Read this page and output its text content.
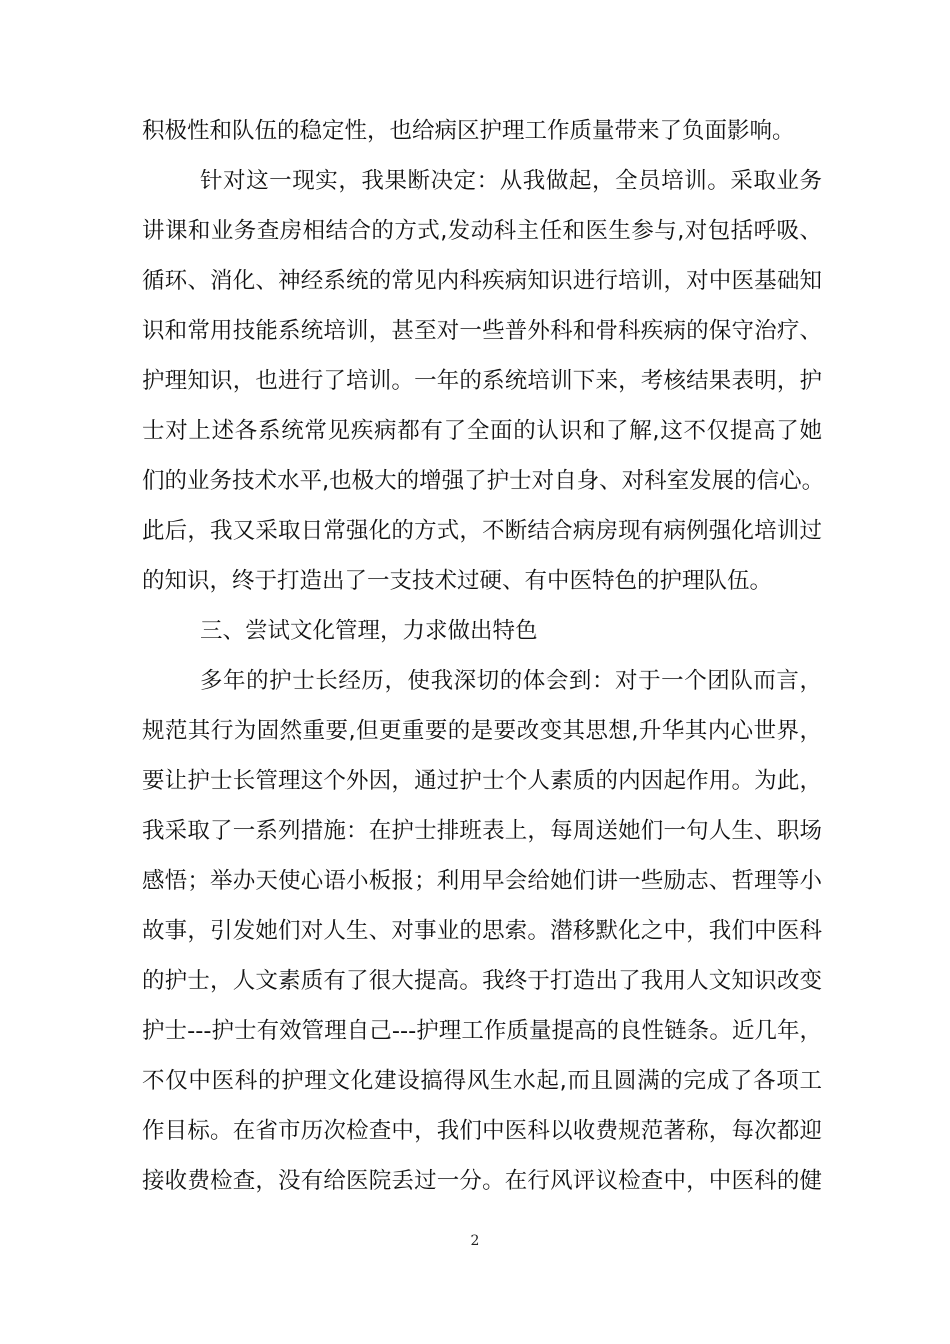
积极性和队伍的稳定性，也给病区护理工作质量带来了负面影响。
针对这一现实，我果断决定：从我做起，全员培训。采取业务
讲课和业务查房相结合的方式,发动科主任和医生参与,对包括呼吸、
循环、消化、神经系统的常见内科疾病知识进行培训，对中医基础知
识和常用技能系统培训，甚至对一些普外科和骨科疾病的保守治疗、
护理知识，也进行了培训。一年的系统培训下来，考核结果表明，护
士对上述各系统常见疾病都有了全面的认识和了解,这不仅提高了她
们的业务技术水平,也极大的增强了护士对自身、对科室发展的信心。
此后，我又采取日常强化的方式，不断结合病房现有病例强化培训过
的知识，终于打造出了一支技术过硬、有中医特色的护理队伍。
三、尝试文化管理，力求做出特色
多年的护士长经历，使我深切的体会到：对于一个团队而言，
规范其行为固然重要,但更重要的是要改变其思想,升华其内心世界，
要让护士长管理这个外因，通过护士个人素质的内因起作用。为此，
我采取了一系列措施：在护士排班表上，每周送她们一句人生、职场
感悟；举办天使心语小板报；利用早会给她们讲一些励志、哲理等小
故事，引发她们对人生、对事业的思索。潜移默化之中，我们中医科
的护士，人文素质有了很大提高。我终于打造出了我用人文知识改变
护士---护士有效管理自己---护理工作质量提高的良性链条。近几年，
不仅中医科的护理文化建设搞得风生水起,而且圆满的完成了各项工
作目标。在省市历次检查中，我们中医科以收费规范著称，每次都迎
接收费检查，没有给医院丢过一分。在行风评议检查中，中医科的健
2
